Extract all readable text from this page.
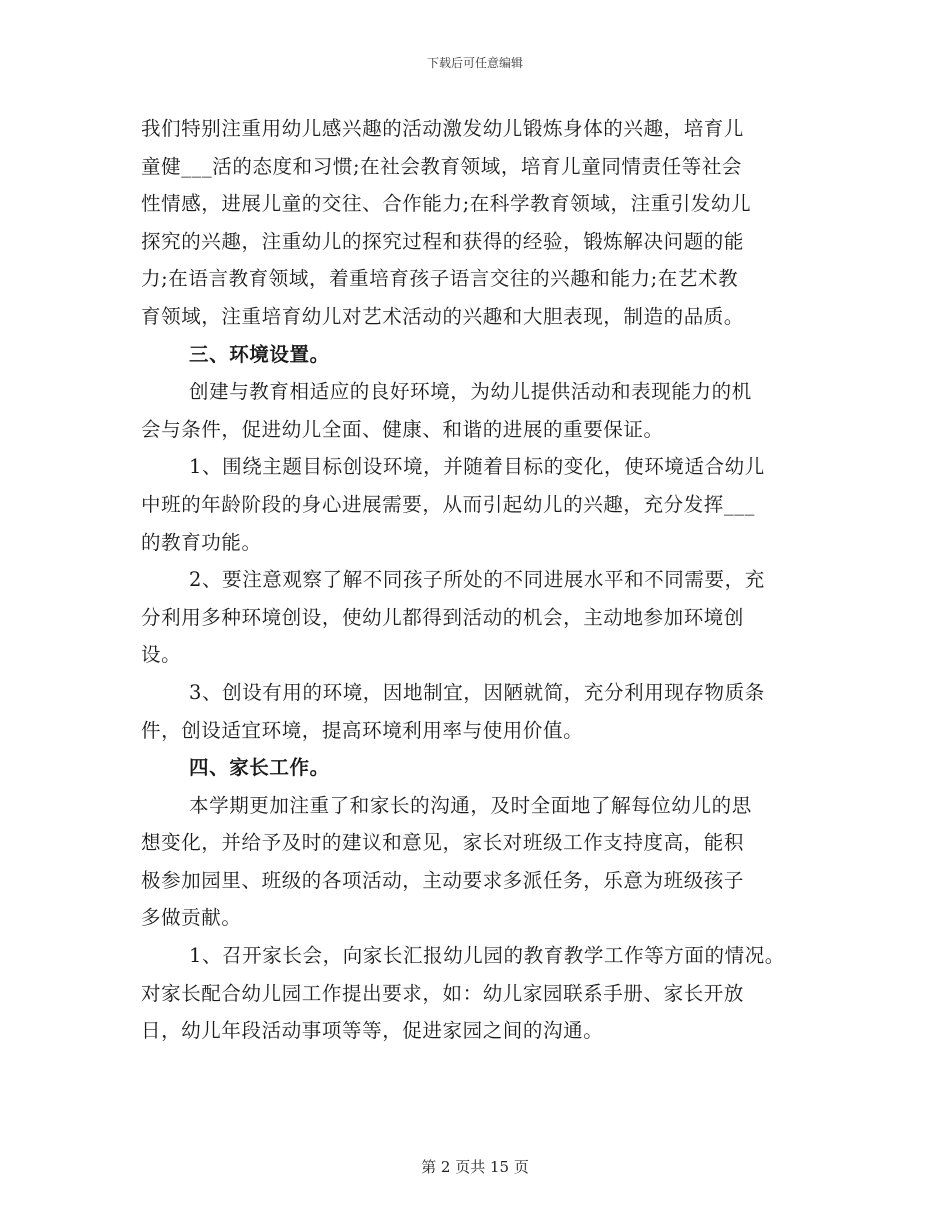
下载后可任意编辑
我们特别注重用幼儿感兴趣的活动激发幼儿锻炼身体的兴趣，培育儿
童健___活的态度和习惯;在社会教育领域，培育儿童同情责任等社会
性情感，进展儿童的交往、合作能力;在科学教育领域，注重引发幼儿
探究的兴趣，注重幼儿的探究过程和获得的经验，锻炼解决问题的能
力;在语言教育领域，着重培育孩子语言交往的兴趣和能力;在艺术教
育领域，注重培育幼儿对艺术活动的兴趣和大胆表现，制造的品质。
三、环境设置。
创建与教育相适应的良好环境，为幼儿提供活动和表现能力的机
会与条件，促进幼儿全面、健康、和谐的进展的重要保证。
1、围绕主题目标创设环境，并随着目标的变化，使环境适合幼儿
中班的年龄阶段的身心进展需要，从而引起幼儿的兴趣，充分发挥___
的教育功能。
2、要注意观察了解不同孩子所处的不同进展水平和不同需要，充
分利用多种环境创设，使幼儿都得到活动的机会，主动地参加环境创
设。
3、创设有用的环境，因地制宜，因陋就简，充分利用现存物质条
件，创设适宜环境，提高环境利用率与使用价值。
四、家长工作。
本学期更加注重了和家长的沟通，及时全面地了解每位幼儿的思
想变化，并给予及时的建议和意见，家长对班级工作支持度高，能积
极参加园里、班级的各项活动，主动要求多派任务，乐意为班级孩子
多做贡献。
1、召开家长会，向家长汇报幼儿园的教育教学工作等方面的情况。
对家长配合幼儿园工作提出要求，如：幼儿家园联系手册、家长开放
日，幼儿年段活动事项等等，促进家园之间的沟通。
第 2 页共 15 页
